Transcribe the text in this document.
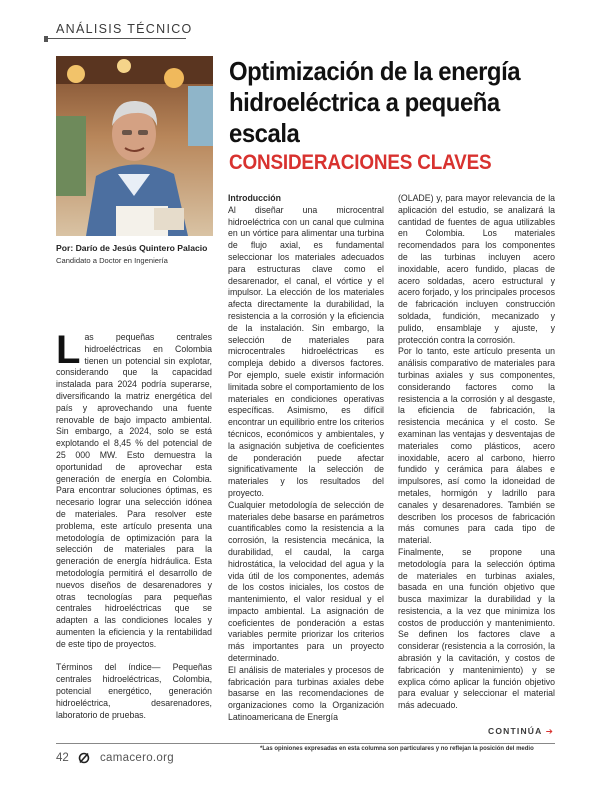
ANÁLISIS TÉCNICO
Por: Darío de Jesús Quintero Palacio
Candidato a Doctor en Ingeniería
Optimización de la energía hidroeléctrica a pequeña escala
CONSIDERACIONES CLAVES
L as pequeñas centrales hidroeléctricas en Colombia tienen un potencial sin explotar, considerando que la capacidad instalada para 2024 podría superarse, diversificando la matriz energética del país y aprovechando una fuente renovable de bajo impacto ambiental. Sin embargo, a 2024, solo se está explotando el 8,45 % del potencial de 25 000 MW. Esto demuestra la oportunidad de aprovechar esta generación de energía en Colombia. Para encontrar soluciones óptimas, es necesario lograr una selección idónea de materiales. Para resolver este problema, este artículo presenta una metodología de optimización para la selección de materiales para la generación de energía hidráulica. Esta metodología permitirá el desarrollo de nuevos diseños de desarenadores y otras tecnologías para pequeñas centrales hidroeléctricas que se adapten a las condiciones locales y aumenten la eficiencia y la rentabilidad de este tipo de proyectos.

Términos del índice— Pequeñas centrales hidroeléctricas, Colombia, potencial energético, generación hidroeléctrica, desarenadores, laboratorio de pruebas.

Introducción

Al diseñar una microcentral hidroeléctrica con un canal que culmina en un vórtice para alimentar una turbina de flujo axial, es fundamental seleccionar los materiales adecuados para estructuras clave como el desarenador, el canal, el vórtice y el impulsor. La elección de los materiales afecta directamente la durabilidad, la resistencia a la corrosión y la eficiencia de la instalación. Sin embargo, la selección de materiales para microcentrales hidroeléctricas es compleja debido a diversos factores. Por ejemplo, suele existir información limitada sobre el comportamiento de los materiales en condiciones operativas específicas. Asimismo, es difícil encontrar un equilibrio entre los criterios técnicos, económicos y ambientales, y la asignación subjetiva de coeficientes de ponderación puede afectar significativamente la selección de materiales y los resultados del proyecto.

Cualquier metodología de selección de materiales debe basarse en parámetros cuantificables como la resistencia a la corrosión, la resistencia mecánica, la durabilidad, el caudal, la carga hidrostática, la velocidad del agua y la vida útil de los componentes, además de los costos iniciales, los costos de mantenimiento, el valor residual y el impacto ambiental. La asignación de coeficientes de ponderación a estas variables permite priorizar los criterios más importantes para un proyecto determinado.

El análisis de materiales y procesos de fabricación para turbinas axiales debe basarse en las recomendaciones de organizaciones como la Organización Latinoamericana de Energía

(OLADE) y, para mayor relevancia de la aplicación del estudio, se analizará la cantidad de fuentes de agua utilizables en Colombia. Los materiales recomendados para los componentes de las turbinas incluyen acero inoxidable, acero fundido, placas de acero soldadas, acero estructural y acero forjado, y los principales procesos de fabricación incluyen construcción soldada, fundición, mecanizado y pulido, ensamblaje y ajuste, y protección contra la corrosión.

Por lo tanto, este artículo presenta un análisis comparativo de materiales para turbinas axiales y sus componentes, considerando factores como la resistencia a la corrosión y al desgaste, la eficiencia de fabricación, la resistencia mecánica y el costo. Se examinan las ventajas y desventajas de materiales como plásticos, acero inoxidable, acero al carbono, hierro fundido y cerámica para álabes e impulsores, así como la idoneidad de metales, hormigón y ladrillo para canales y desarenadores. También se describen los procesos de fabricación más comunes para cada tipo de material.

Finalmente, se propone una metodología para la selección óptima de materiales en turbinas axiales, basada en una función objetivo que busca maximizar la durabilidad y la resistencia, a la vez que minimiza los costos de producción y mantenimiento. Se definen los factores clave a considerar (resistencia a la corrosión, la abrasión y la cavitación, y costos de fabricación y mantenimiento) y se explica cómo aplicar la función objetivo para evaluar y seleccionar el material más adecuado.

CONTINÚA ➔
42	camacero.org
*Las opiniones expresadas en esta columna son particulares y no reflejan la posición del medio
